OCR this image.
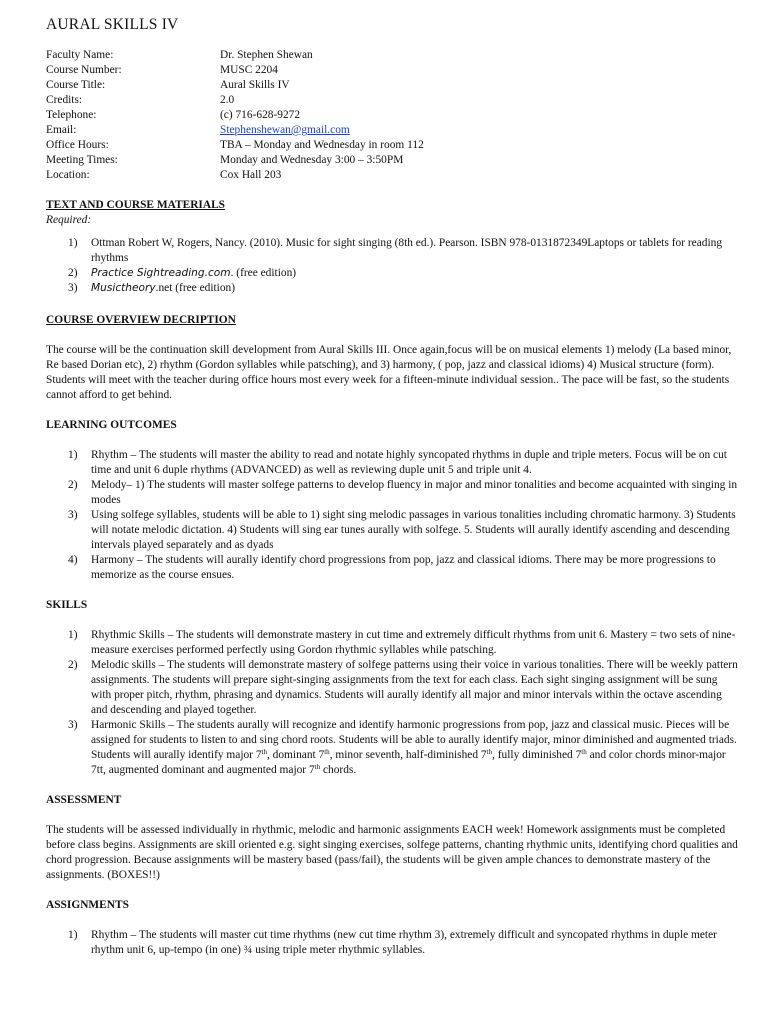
AURAL SKILLS IV
Faculty Name:	Dr. Stephen Shewan
Course Number:	MUSC 2204
Course Title:	Aural Skills IV
Credits:	2.0
Telephone:	(c) 716-628-9272
Email:	Stephenshewan@gmail.com
Office Hours:	TBA – Monday and Wednesday in room 112
Meeting Times:	Monday and Wednesday 3:00 – 3:50PM
Location:	Cox Hall 203
TEXT AND COURSE MATERIALS
Required:
1)	Ottman Robert W, Rogers, Nancy. (2010). Music for sight singing (8th ed.). Pearson. ISBN 978-0131872349Laptops or tablets for reading rhythms
2)	Practice Sightreading.com. (free edition)
3)	Musictheory.net (free edition)
COURSE OVERVIEW DECRIPTION

The course will be the continuation skill development from Aural Skills III. Once again,focus will be on musical elements 1) melody (La based minor, Re based Dorian etc), 2) rhythm (Gordon syllables while patsching), and 3) harmony, ( pop, jazz and classical idioms) 4) Musical structure (form). Students will meet with the teacher during office hours most every week for a fifteen-minute individual session.. The pace will be fast, so the students cannot afford to get behind.

LEARNING OUTCOMES
1)	Rhythm – The students will master the ability to read and notate highly syncopated rhythms in duple and triple meters. Focus will be on cut time and unit 6 duple rhythms (ADVANCED) as well as reviewing duple unit 5 and triple unit 4.
2)	Melody– 1) The students will master solfege patterns to develop fluency in major and minor tonalities and become acquainted with singing in modes
3)	Using solfege syllables, students will be able to 1) sight sing melodic passages in various tonalities including chromatic harmony. 3) Students will notate melodic dictation. 4) Students will sing ear tunes aurally with solfege. 5. Students will aurally identify ascending and descending intervals played separately and as dyads
4)	Harmony – The students will aurally identify chord progressions from pop, jazz and classical idioms. There may be more progressions to memorize as the course ensues.
SKILLS
1)	Rhythmic Skills – The students will demonstrate mastery in cut time and extremely difficult rhythms from unit 6. Mastery = two sets of nine-measure exercises performed perfectly using Gordon rhythmic syllables while patsching.
2)	Melodic skills – The students will demonstrate mastery of solfege patterns using their voice in various tonalities. There will be weekly pattern assignments. The students will prepare sight-singing assignments from the text for each class. Each sight singing assignment will be sung with proper pitch, rhythm, phrasing and dynamics. Students will aurally identify all major and minor intervals within the octave ascending and descending and played together.
3)	Harmonic Skills – The students aurally will recognize and identify harmonic progressions from pop, jazz and classical music. Pieces will be assigned for students to listen to and sing chord roots. Students will be able to aurally identify major, minor diminished and augmented triads. Students will aurally identify major 7th, dominant 7th, minor seventh, half-diminished 7th, fully diminished 7th and color chords minor-major 7tt, augmented dominant and augmented major 7th chords.
ASSESSMENT

The students will be assessed individually in rhythmic, melodic and harmonic assignments EACH week! Homework assignments must be completed before class begins. Assignments are skill oriented e.g. sight singing exercises, solfege patterns, chanting rhythmic units, identifying chord qualities and chord progression. Because assignments will be mastery based (pass/fail), the students will be given ample chances to demonstrate mastery of the assignments. (BOXES!!)

ASSIGNMENTS
1)	Rhythm – The students will master cut time rhythms (new cut time rhythm 3), extremely difficult and syncopated rhythms in duple meter rhythm unit 6, up-tempo (in one) ¾ using triple meter rhythmic syllables.
